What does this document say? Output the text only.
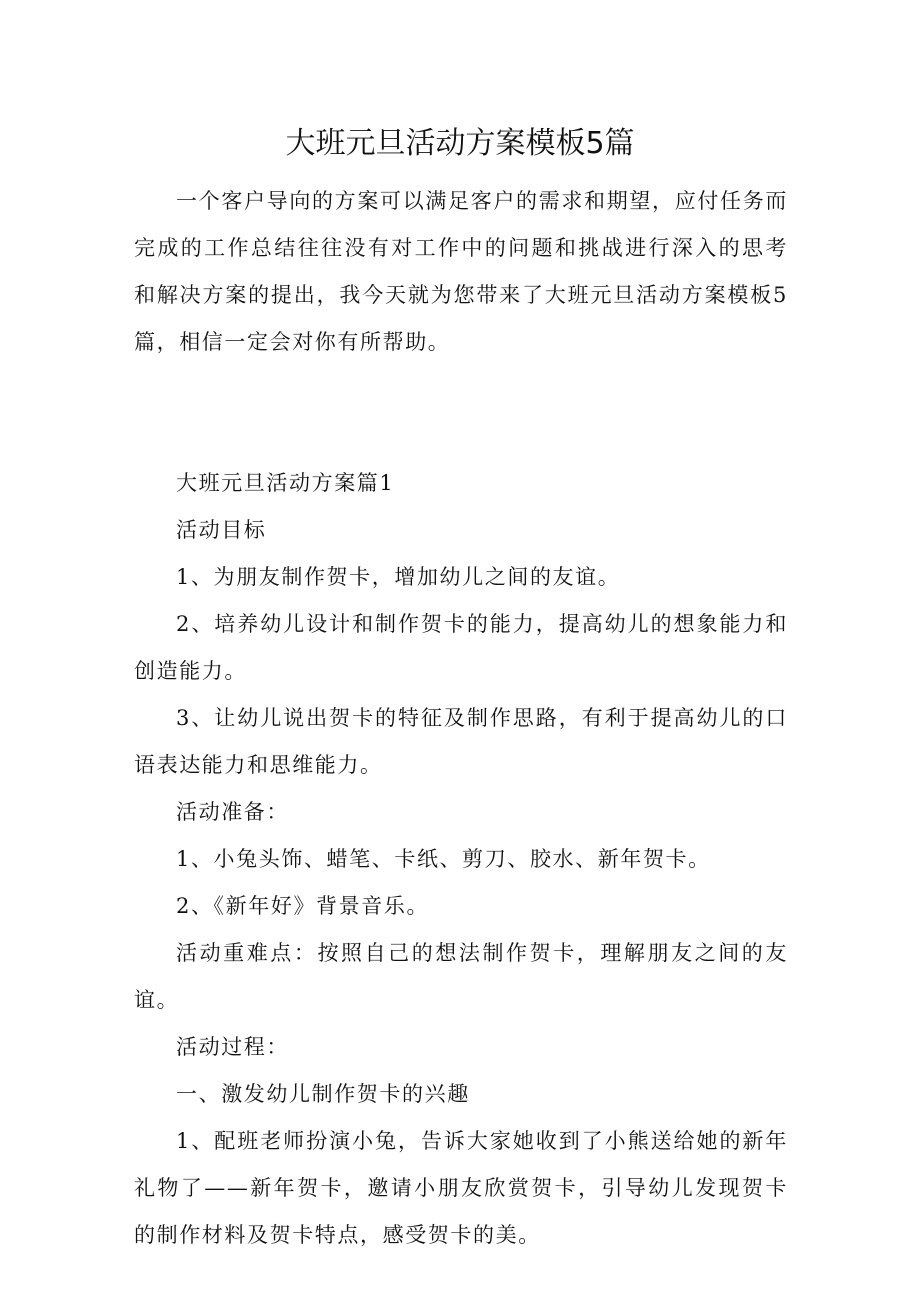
大班元旦活动方案模板5篇

一个客户导向的方案可以满足客户的需求和期望，应付任务而完成的工作总结往往没有对工作中的问题和挑战进行深入的思考和解决方案的提出，我今天就为您带来了大班元旦活动方案模板5篇，相信一定会对你有所帮助。

大班元旦活动方案篇1

活动目标

1、为朋友制作贺卡，增加幼儿之间的友谊。

2、培养幼儿设计和制作贺卡的能力，提高幼儿的想象能力和创造能力。

3、让幼儿说出贺卡的特征及制作思路，有利于提高幼儿的口语表达能力和思维能力。

活动准备：

1、小兔头饰、蜡笔、卡纸、剪刀、胶水、新年贺卡。

2、《新年好》背景音乐。

活动重难点：按照自己的想法制作贺卡，理解朋友之间的友谊。

活动过程：

一、激发幼儿制作贺卡的兴趣

1、配班老师扮演小兔，告诉大家她收到了小熊送给她的新年礼物了——新年贺卡，邀请小朋友欣赏贺卡，引导幼儿发现贺卡的制作材料及贺卡特点，感受贺卡的美。
